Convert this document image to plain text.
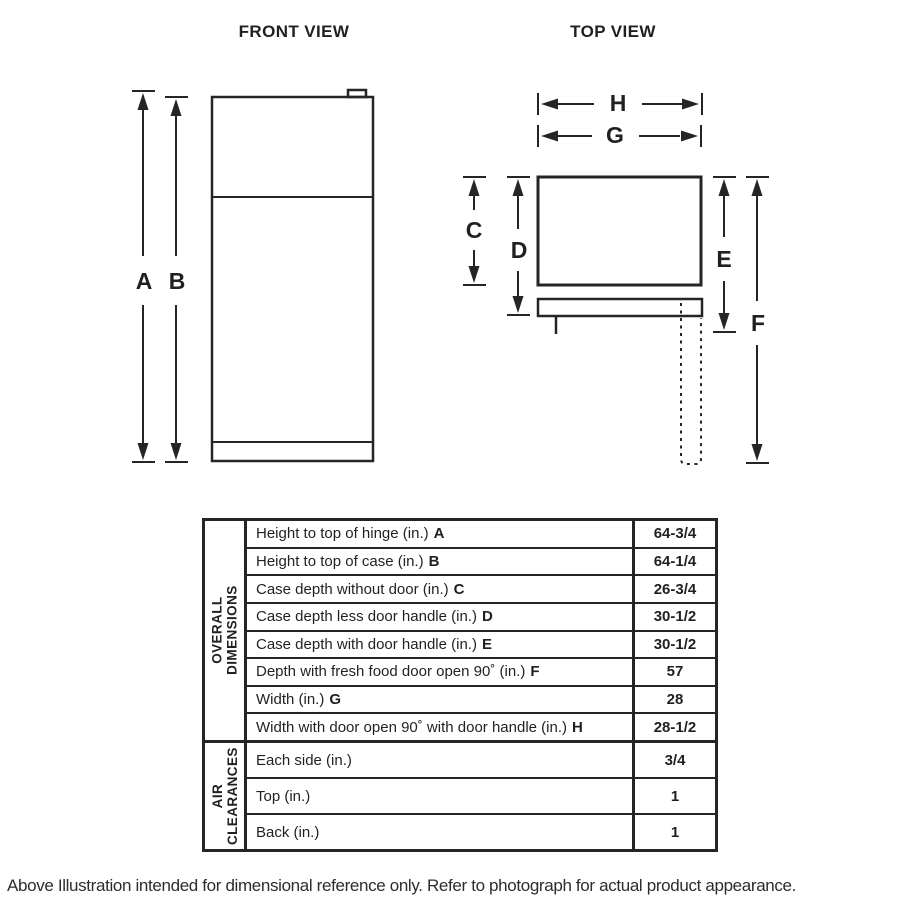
FRONT VIEW	TOP VIEW
A B
H
G
C
D	E
F
OVERALL DIMENSIONS
Height to top of hinge (in.) A	64-3/4
Height to top of case (in.) B	64-1/4
Case depth without door (in.) C	26-3/4
Case depth less door handle (in.) D	30-1/2
Case depth with door handle (in.) E	30-1/2
Depth with fresh food door open 90˚ (in.) F	57
Width (in.) G	28
Width with door open 90˚ with door handle (in.) H	28-1/2
AIR CLEARANCES Each side (in.)	3/4
Top (in.)	1
Back (in.)	1
Above Illustration intended for dimensional reference only. Refer to photograph for actual product appearance.
